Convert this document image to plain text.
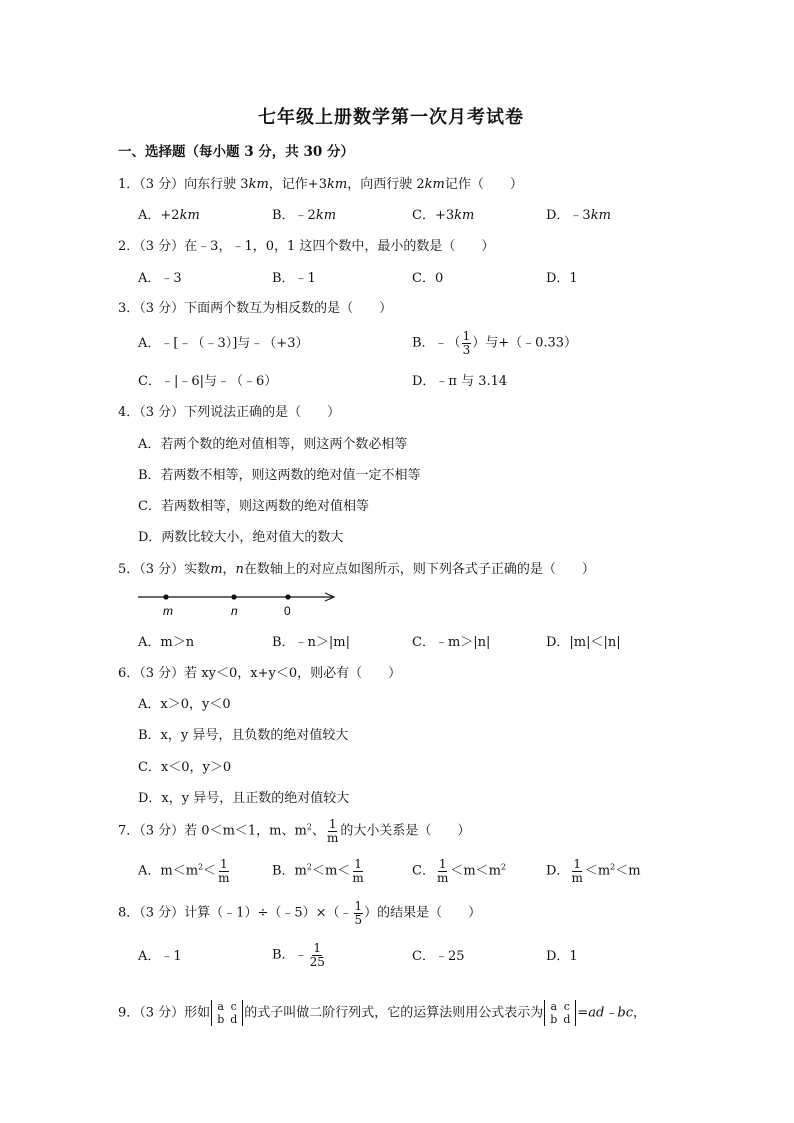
七年级上册数学第一次月考试卷
一、选择题（每小题 3 分，共 30 分）
1．（3 分）向东行驶 3km，记作+3km，向西行驶 2km记作（　　）
A．+2km	B．﹣2km	C．+3km	D．﹣3km
2．（3 分）在﹣3，﹣1，0，1 这四个数中，最小的数是（　　）
A．﹣3	B．﹣1	C．0	D．1
3．（3 分）下面两个数互为相反数的是（　　）
A．﹣[﹣（﹣3）]与﹣（+3）	B．﹣（ $\frac{1}{3}$ ）与+（﹣0.33）
C．﹣|﹣6|与﹣（﹣6）	D．﹣π 与 3.14
4．（3 分）下列说法正确的是（　　）
A．若两个数的绝对值相等，则这两个数必相等
B．若两数不相等，则这两数的绝对值一定不相等
C．若两数相等，则这两数的绝对值相等
D．两数比较大小，绝对值大的数大
5．（3 分）实数m，n在数轴上的对应点如图所示，则下列各式子正确的是（　　）
m	n	0
A．m＞n	B．﹣n＞|m|	C．﹣m＞|n|	D．|m|＜|n|
6．（3 分）若 xy＜0，x+y＜0，则必有（　　）
A．x＞0，y＜0
B．x，y 异号，且负数的绝对值较大
C．x＜0，y＞0
D．x，y 异号，且正数的绝对值较大
7．（3 分）若 0＜m＜1，m、$m^2$、 $\frac{1}{m}$ 的大小关系是（　　）
A．$m<m^2< \frac{1}{m}$	B．$m^2<m< \frac{1}{m}$	C． $\frac{1}{m} <m<m^2$	D． $\frac{1}{m} <m^2<m$
8．（3 分）计算（﹣1）÷（﹣5）×（﹣ $\frac{1}{5}$ ）的结果是（　　）
A．﹣1	B．﹣ $\frac{1}{25}$	C．﹣25	D．1
9．（3 分）形如 a
b
c
d 的式子叫做二阶行列式，它的运算法则用公式表示为 a
b
c
d =ad﹣bc，
